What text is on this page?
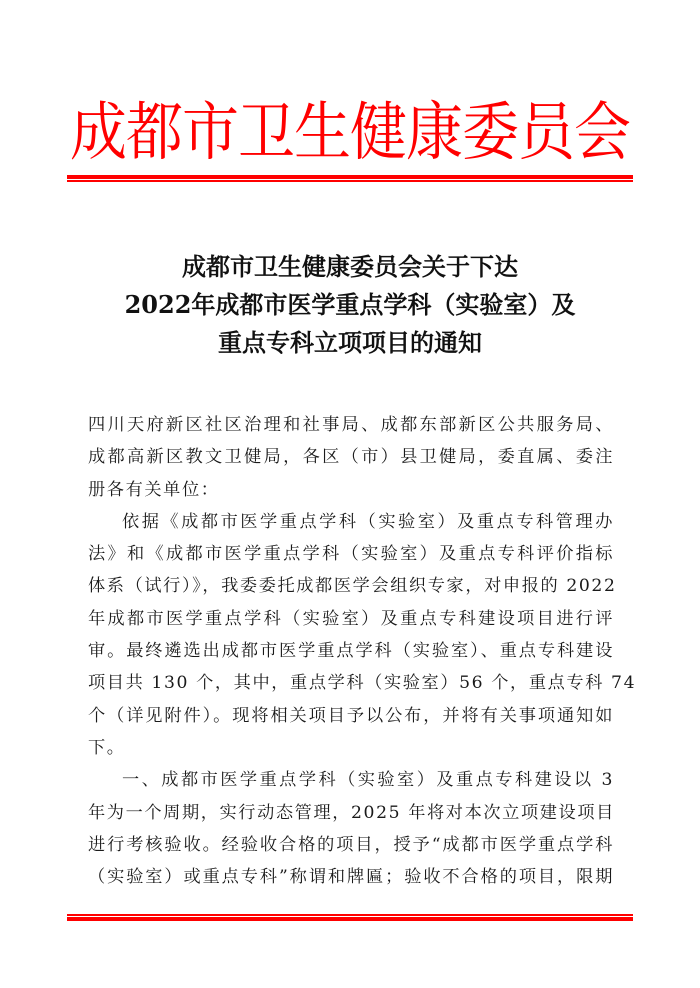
成都市卫生健康委员会
成都市卫生健康委员会关于下达
2022年成都市医学重点学科（实验室）及
重点专科立项项目的通知
四川天府新区社区治理和社事局、成都东部新区公共服务局、
成都高新区教文卫健局，各区（市）县卫健局，委直属、委注
册各有关单位：
依据《成都市医学重点学科（实验室）及重点专科管理办
法》和《成都市医学重点学科（实验室）及重点专科评价指标
体系（试行）》，我委委托成都医学会组织专家，对申报的 2022
年成都市医学重点学科（实验室）及重点专科建设项目进行评
审。最终遴选出成都市医学重点学科（实验室）、重点专科建设
项目共 130 个，其中，重点学科（实验室）56 个，重点专科 74
个（详见附件）。现将相关项目予以公布，并将有关事项通知如
下。
一、成都市医学重点学科（实验室）及重点专科建设以 3
年为一个周期，实行动态管理，2025 年将对本次立项建设项目
进行考核验收。经验收合格的项目，授予“成都市医学重点学科
（实验室）或重点专科”称谓和牌匾；验收不合格的项目，限期
